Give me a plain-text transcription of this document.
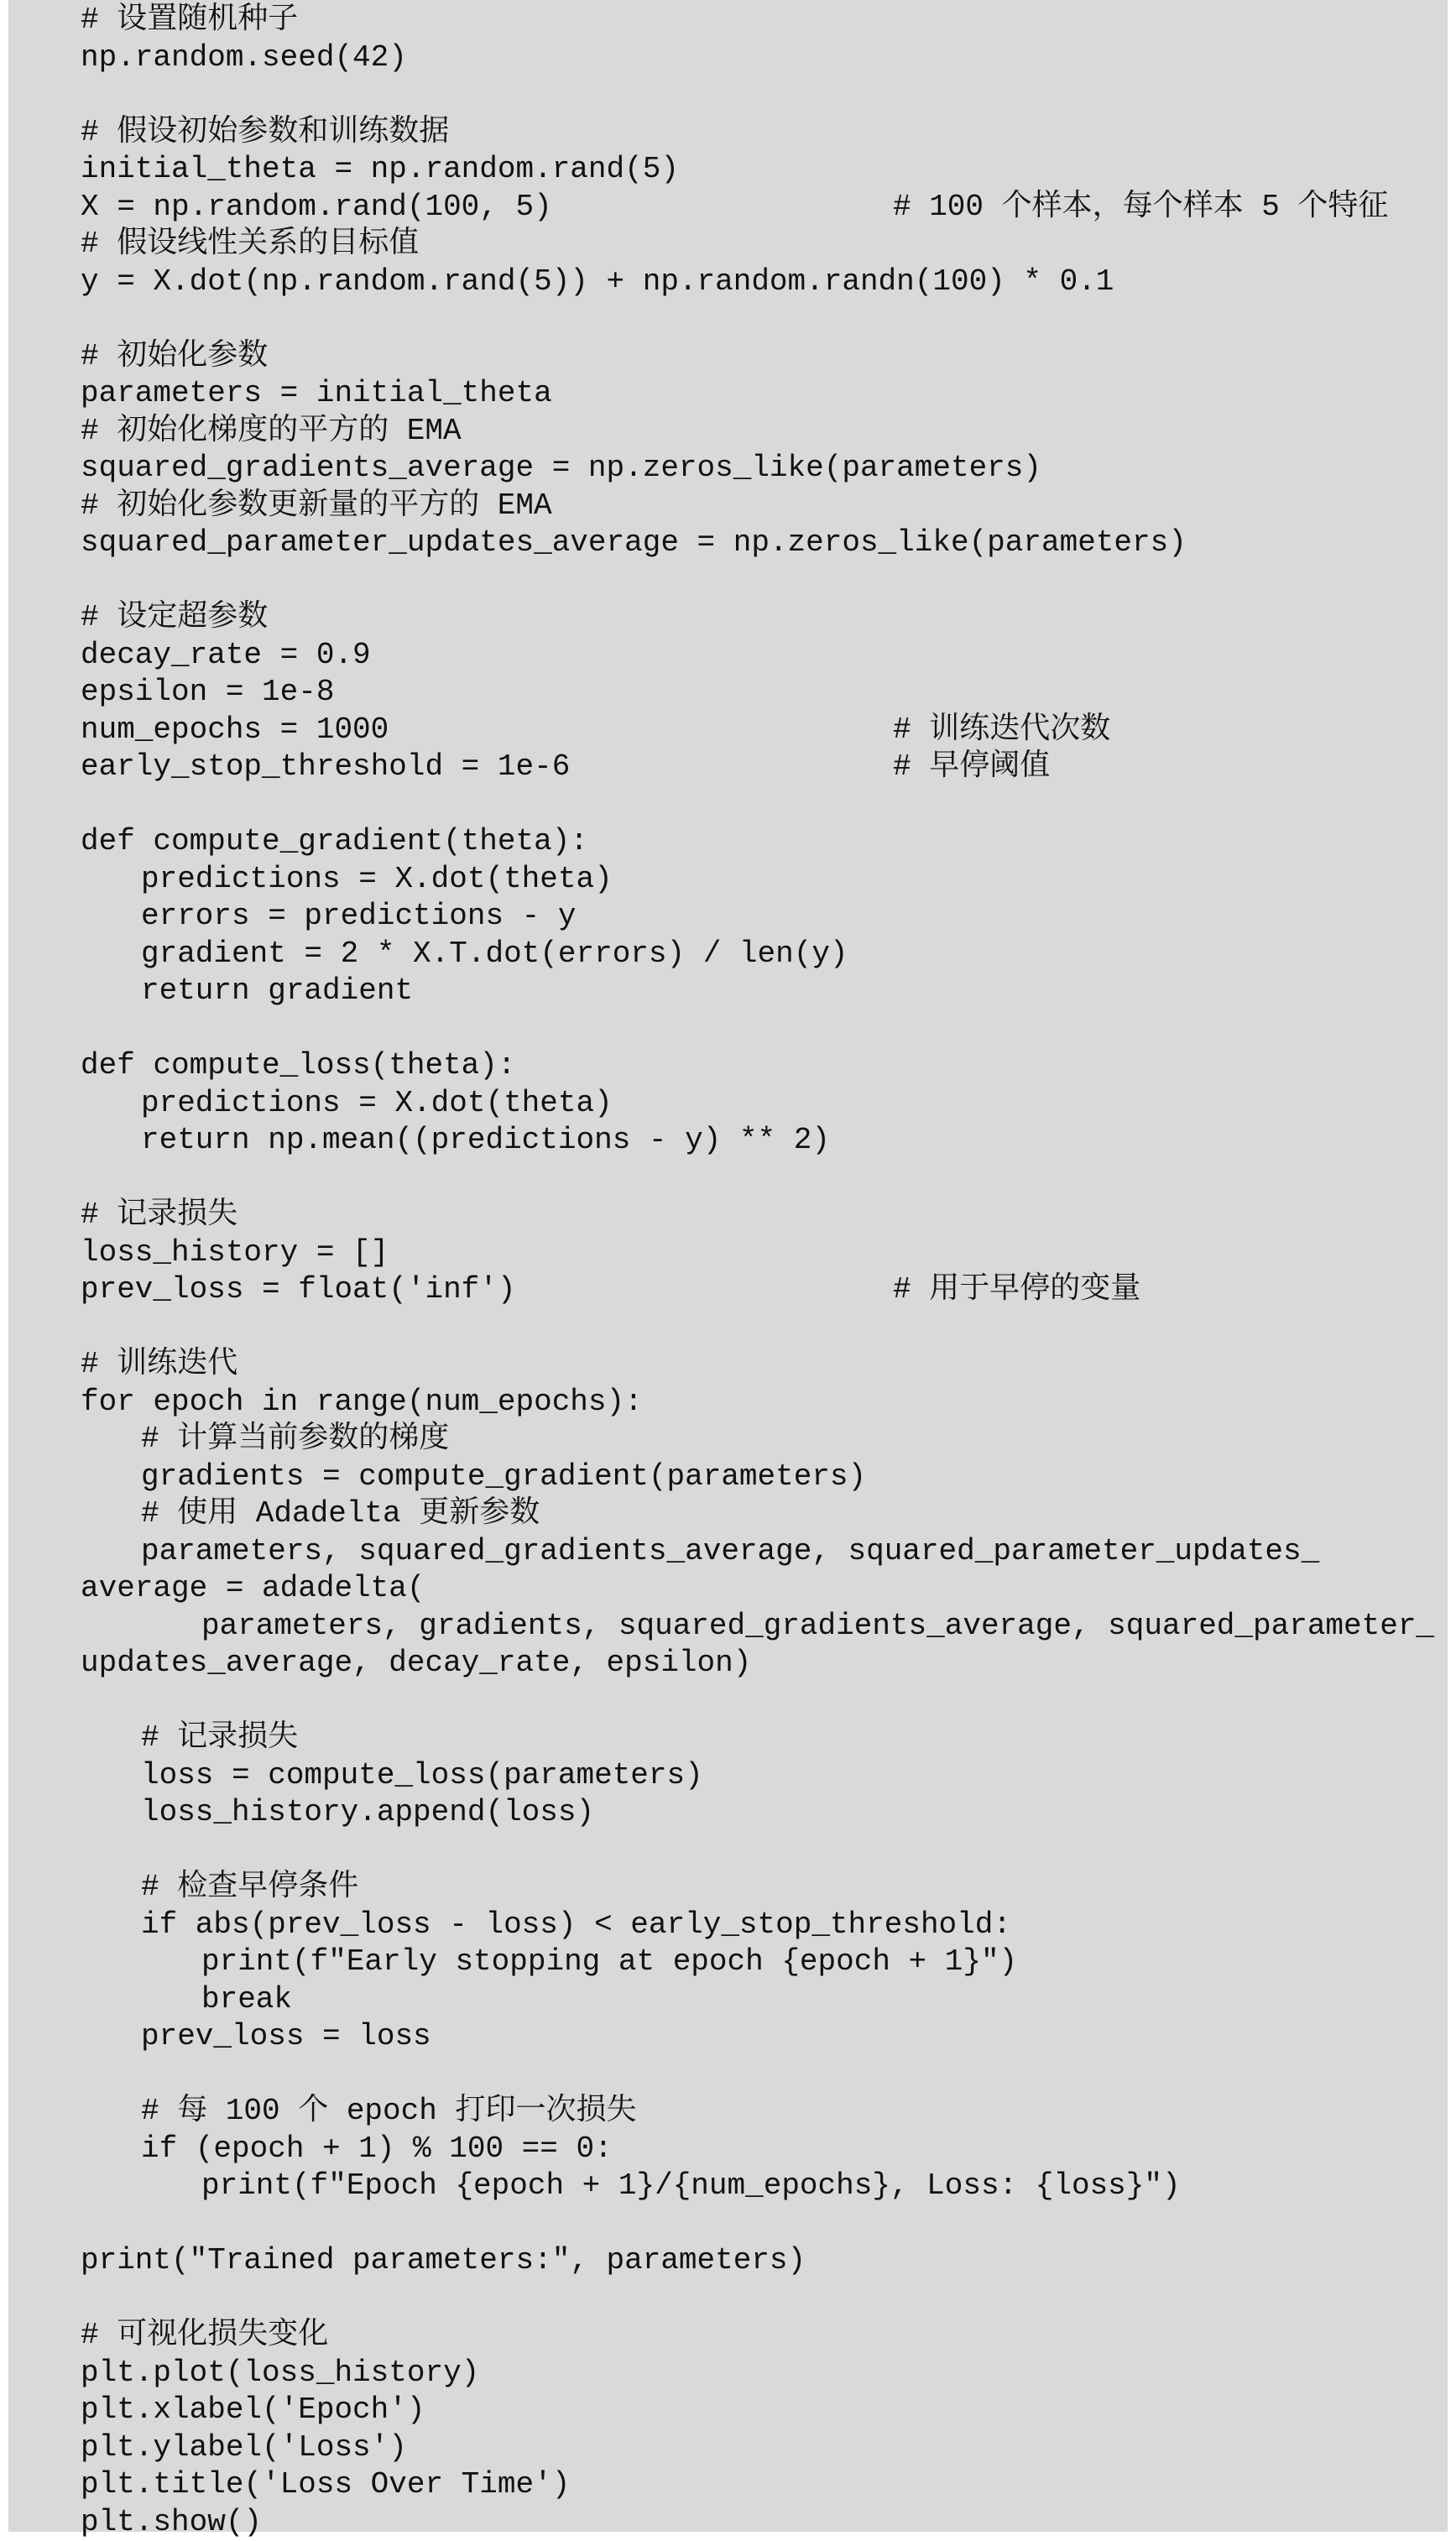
# 设置随机种子
np.random.seed(42)
# 假设初始参数和训练数据
initial_theta = np.random.rand(5)
X = np.random.rand(100, 5)	# 100 个样本，每个样本 5 个特征
# 假设线性关系的目标值
y = X.dot(np.random.rand(5)) + np.random.randn(100) * 0.1
# 初始化参数
parameters = initial_theta
# 初始化梯度的平方的 EMA
squared_gradients_average = np.zeros_like(parameters)
# 初始化参数更新量的平方的 EMA
squared_parameter_updates_average = np.zeros_like(parameters)
# 设定超参数
decay_rate = 0.9
epsilon = 1e-8
num_epochs = 1000	# 训练迭代次数
early_stop_threshold = 1e-6	# 早停阈值
def compute_gradient(theta):
predictions = X.dot(theta)
errors = predictions - y
gradient = 2 * X.T.dot(errors) / len(y)
return gradient
def compute_loss(theta):
predictions = X.dot(theta)
return np.mean((predictions - y) ** 2)
# 记录损失
loss_history = []
prev_loss = float('inf')	# 用于早停的变量
# 训练迭代
for epoch in range(num_epochs):
# 计算当前参数的梯度
gradients = compute_gradient(parameters)
# 使用 Adadelta 更新参数
parameters, squared_gradients_average, squared_parameter_updates_
average = adadelta(
parameters, gradients, squared_gradients_average, squared_parameter_
updates_average, decay_rate, epsilon)
# 记录损失
loss = compute_loss(parameters)
loss_history.append(loss)
# 检查早停条件
if abs(prev_loss - loss) < early_stop_threshold:
print(f"Early stopping at epoch {epoch + 1}")
break
prev_loss = loss
# 每 100 个 epoch 打印一次损失
if (epoch + 1) % 100 == 0:
print(f"Epoch {epoch + 1}/{num_epochs}, Loss: {loss}")
print("Trained parameters:", parameters)
# 可视化损失变化
plt.plot(loss_history)
plt.xlabel('Epoch')
plt.ylabel('Loss')
plt.title('Loss Over Time')
plt.show()
